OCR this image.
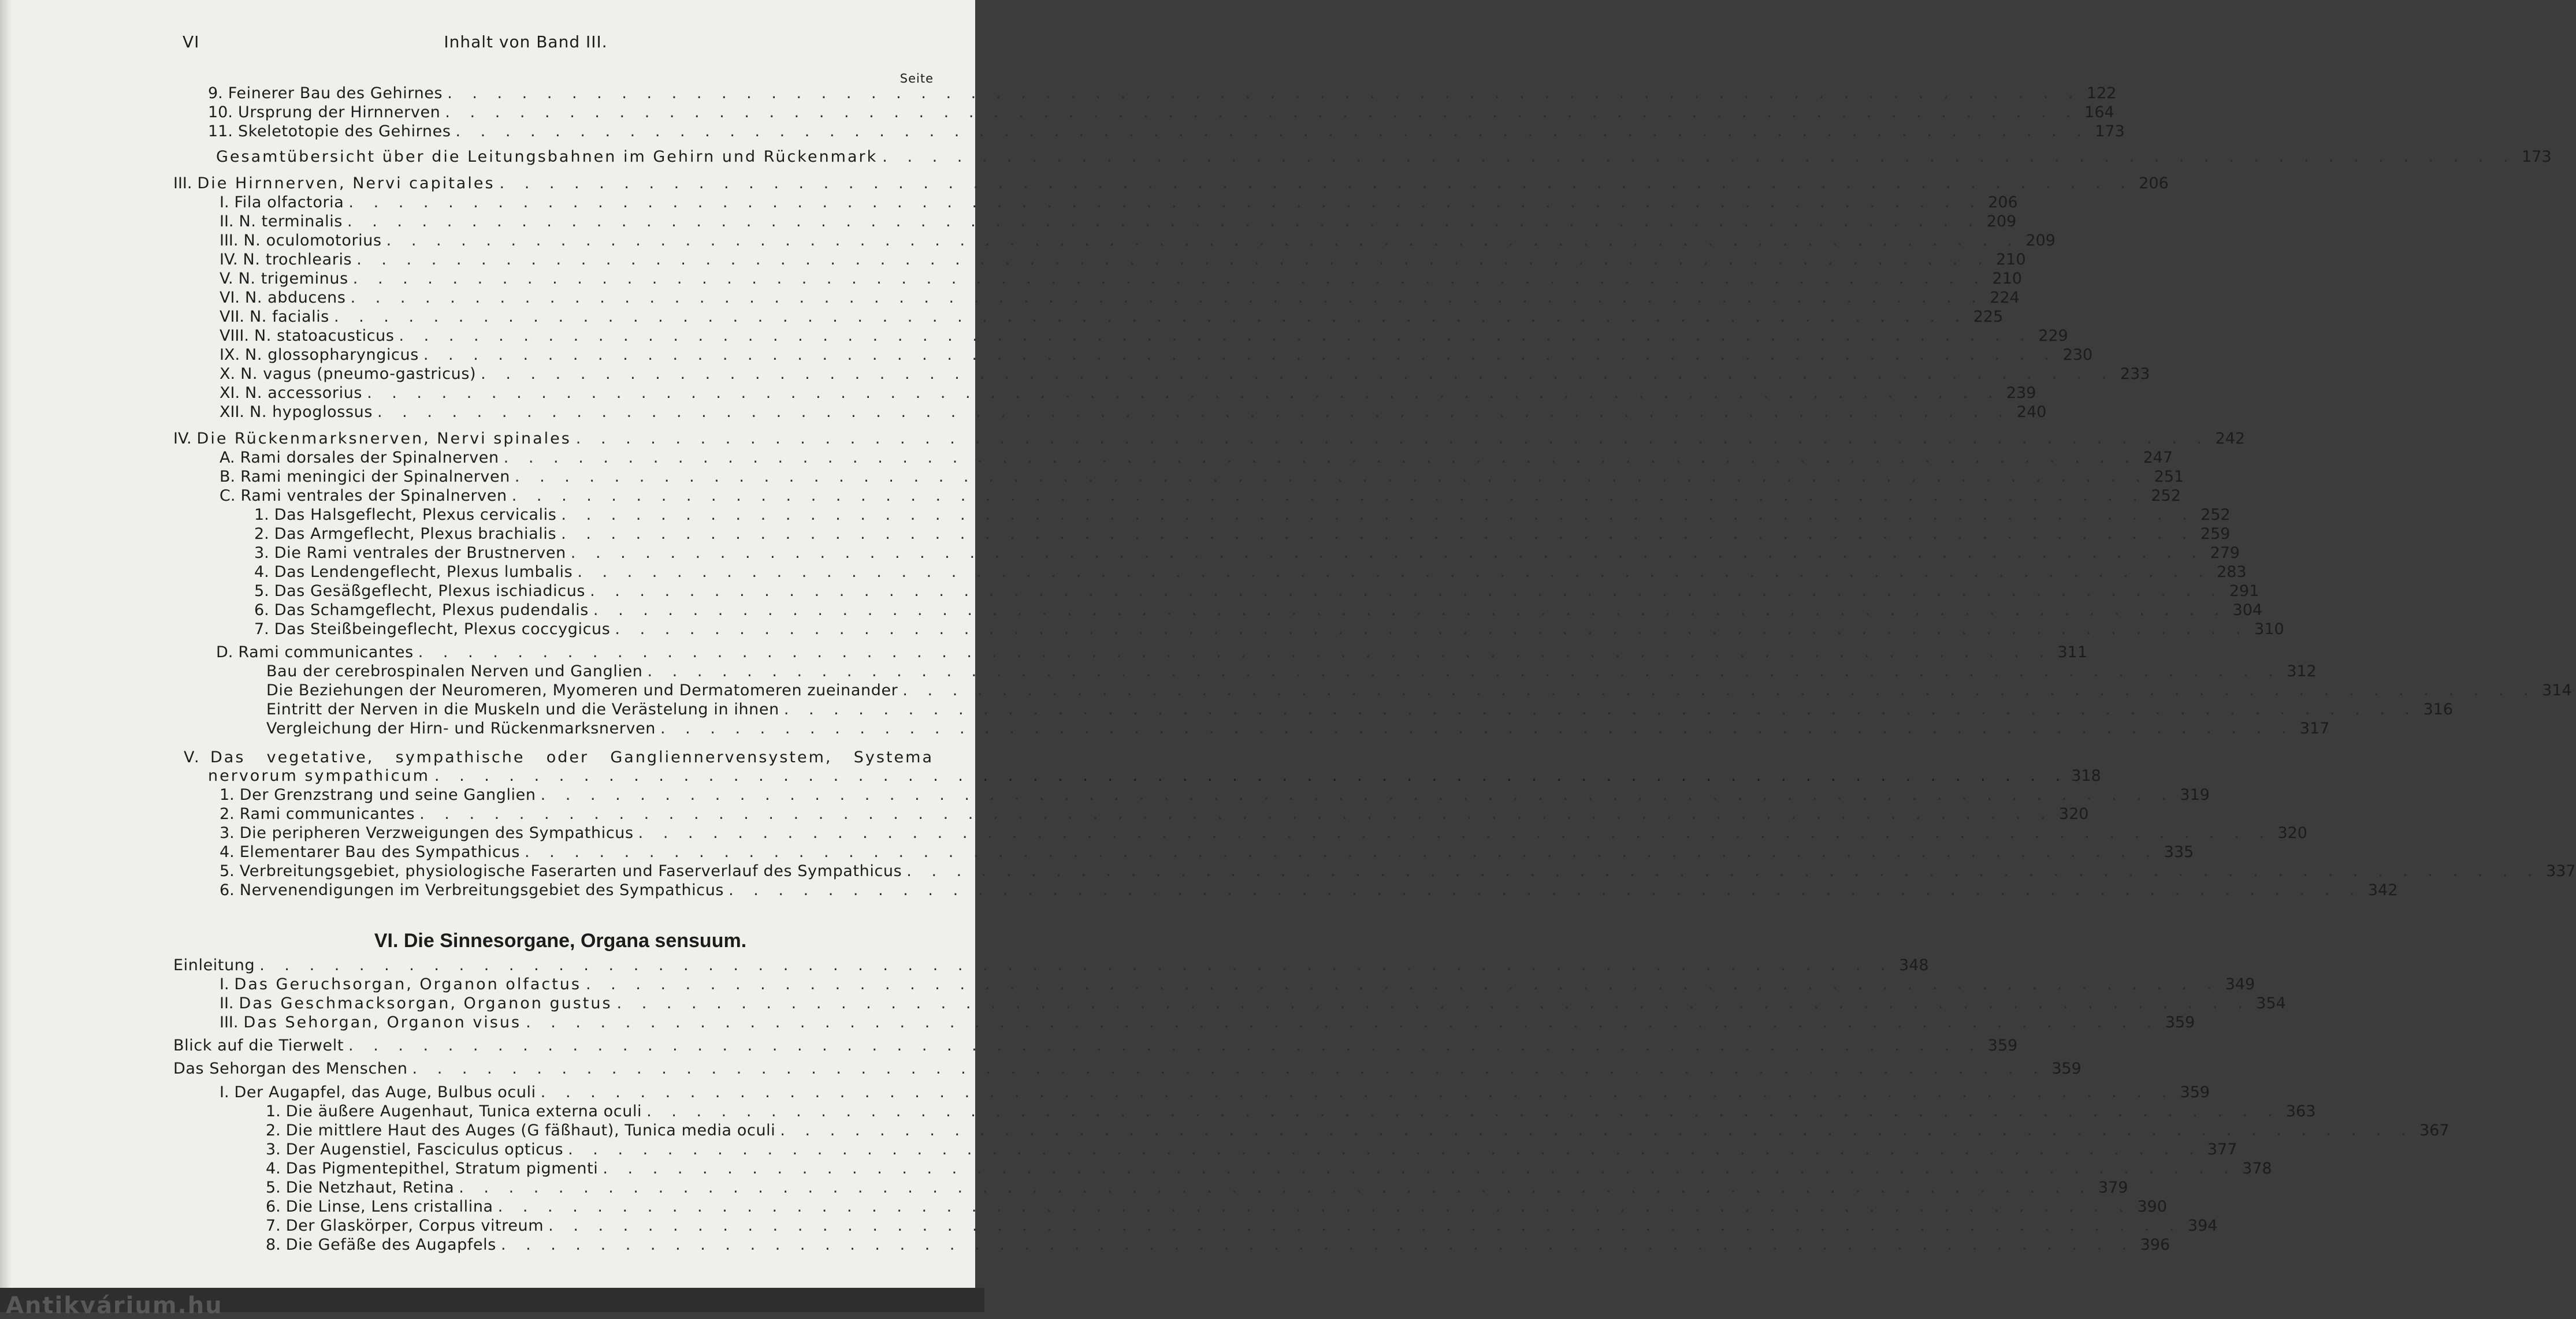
VI	Inhalt von Band III.
Seite
9. Feinerer Bau des Gehirnes . . . . . . . . . . . . . . . . . . . . . . . . . . . . . . . . . . . . . . . . . . . . . . . . . . . . . . . . . . . . . . . . . . 122
10. Ursprung der Hirnnerven . . . . . . . . . . . . . . . . . . . . . . . . . . . . . . . . . . . . . . . . . . . . . . . . . . . . . . . . . . . . . . . . . . 164
11. Skeletotopie des Gehirnes . . . . . . . . . . . . . . . . . . . . . . . . . . . . . . . . . . . . . . . . . . . . . . . . . . . . . . . . . . . . . . . . . . 173
Gesamtübersicht über die Leitungsbahnen im Gehirn und Rückenmark . . . . . . . . . . . . . . . . . . . . . . . . . . . . . . . . . . . . . . . . . . . . . . . . . . . . . . . . . . . . . . . . . . 173
III. Die Hirnnerven, Nervi capitales . . . . . . . . . . . . . . . . . . . . . . . . . . . . . . . . . . . . . . . . . . . . . . . . . . . . . . . . . . . . . . . . . . 206
I. Fila olfactoria . . . . . . . . . . . . . . . . . . . . . . . . . . . . . . . . . . . . . . . . . . . . . . . . . . . . . . . . . . . . . . . . . . 206
II. N. terminalis . . . . . . . . . . . . . . . . . . . . . . . . . . . . . . . . . . . . . . . . . . . . . . . . . . . . . . . . . . . . . . . . . . 209
III. N. oculomotorius . . . . . . . . . . . . . . . . . . . . . . . . . . . . . . . . . . . . . . . . . . . . . . . . . . . . . . . . . . . . . . . . . . 209
IV. N. trochlearis . . . . . . . . . . . . . . . . . . . . . . . . . . . . . . . . . . . . . . . . . . . . . . . . . . . . . . . . . . . . . . . . . . 210
V. N. trigeminus . . . . . . . . . . . . . . . . . . . . . . . . . . . . . . . . . . . . . . . . . . . . . . . . . . . . . . . . . . . . . . . . . . 210
VI. N. abducens . . . . . . . . . . . . . . . . . . . . . . . . . . . . . . . . . . . . . . . . . . . . . . . . . . . . . . . . . . . . . . . . . . 224
VII. N. facialis . . . . . . . . . . . . . . . . . . . . . . . . . . . . . . . . . . . . . . . . . . . . . . . . . . . . . . . . . . . . . . . . . . 225
VIII. N. statoacusticus . . . . . . . . . . . . . . . . . . . . . . . . . . . . . . . . . . . . . . . . . . . . . . . . . . . . . . . . . . . . . . . . . . 229
IX. N. glossopharyngicus . . . . . . . . . . . . . . . . . . . . . . . . . . . . . . . . . . . . . . . . . . . . . . . . . . . . . . . . . . . . . . . . . . 230
X. N. vagus (pneumo-gastricus) . . . . . . . . . . . . . . . . . . . . . . . . . . . . . . . . . . . . . . . . . . . . . . . . . . . . . . . . . . . . . . . . . . 233
XI. N. accessorius . . . . . . . . . . . . . . . . . . . . . . . . . . . . . . . . . . . . . . . . . . . . . . . . . . . . . . . . . . . . . . . . . . 239
XII. N. hypoglossus . . . . . . . . . . . . . . . . . . . . . . . . . . . . . . . . . . . . . . . . . . . . . . . . . . . . . . . . . . . . . . . . . . 240
IV. Die Rückenmarksnerven, Nervi spinales . . . . . . . . . . . . . . . . . . . . . . . . . . . . . . . . . . . . . . . . . . . . . . . . . . . . . . . . . . . . . . . . . . 242
A. Rami dorsales der Spinalnerven . . . . . . . . . . . . . . . . . . . . . . . . . . . . . . . . . . . . . . . . . . . . . . . . . . . . . . . . . . . . . . . . . . 247
B. Rami meningici der Spinalnerven . . . . . . . . . . . . . . . . . . . . . . . . . . . . . . . . . . . . . . . . . . . . . . . . . . . . . . . . . . . . . . . . . . 251
C. Rami ventrales der Spinalnerven . . . . . . . . . . . . . . . . . . . . . . . . . . . . . . . . . . . . . . . . . . . . . . . . . . . . . . . . . . . . . . . . . . 252
1. Das Halsgeflecht, Plexus cervicalis . . . . . . . . . . . . . . . . . . . . . . . . . . . . . . . . . . . . . . . . . . . . . . . . . . . . . . . . . . . . . . . . . . 252
2. Das Armgeflecht, Plexus brachialis . . . . . . . . . . . . . . . . . . . . . . . . . . . . . . . . . . . . . . . . . . . . . . . . . . . . . . . . . . . . . . . . . . 259
3. Die Rami ventrales der Brustnerven . . . . . . . . . . . . . . . . . . . . . . . . . . . . . . . . . . . . . . . . . . . . . . . . . . . . . . . . . . . . . . . . . . 279
4. Das Lendengeflecht, Plexus lumbalis . . . . . . . . . . . . . . . . . . . . . . . . . . . . . . . . . . . . . . . . . . . . . . . . . . . . . . . . . . . . . . . . . . 283
5. Das Gesäßgeflecht, Plexus ischiadicus . . . . . . . . . . . . . . . . . . . . . . . . . . . . . . . . . . . . . . . . . . . . . . . . . . . . . . . . . . . . . . . . . . 291
6. Das Schamgeflecht, Plexus pudendalis . . . . . . . . . . . . . . . . . . . . . . . . . . . . . . . . . . . . . . . . . . . . . . . . . . . . . . . . . . . . . . . . . . 304
7. Das Steißbeingeflecht, Plexus coccygicus . . . . . . . . . . . . . . . . . . . . . . . . . . . . . . . . . . . . . . . . . . . . . . . . . . . . . . . . . . . . . . . . . . 310
D. Rami communicantes . . . . . . . . . . . . . . . . . . . . . . . . . . . . . . . . . . . . . . . . . . . . . . . . . . . . . . . . . . . . . . . . . . 311
Bau der cerebrospinalen Nerven und Ganglien . . . . . . . . . . . . . . . . . . . . . . . . . . . . . . . . . . . . . . . . . . . . . . . . . . . . . . . . . . . . . . . . . . 312
Die Beziehungen der Neuromeren, Myomeren und Dermatomeren zueinander . . . . . . . . . . . . . . . . . . . . . . . . . . . . . . . . . . . . . . . . . . . . . . . . . . . . . . . . . . . . . . . . . . 314
Eintritt der Nerven in die Muskeln und die Verästelung in ihnen . . . . . . . . . . . . . . . . . . . . . . . . . . . . . . . . . . . . . . . . . . . . . . . . . . . . . . . . . . . . . . . . . . 316
Vergleichung der Hirn- und Rückenmarksnerven . . . . . . . . . . . . . . . . . . . . . . . . . . . . . . . . . . . . . . . . . . . . . . . . . . . . . . . . . . . . . . . . . . 317
V. Das vegetative, sympathische oder Gangliennervensystem, Systema
nervorum sympathicum . . . . . . . . . . . . . . . . . . . . . . . . . . . . . . . . . . . . . . . . . . . . . . . . . . . . . . . . . . . . . . . . . . 318
1. Der Grenzstrang und seine Ganglien . . . . . . . . . . . . . . . . . . . . . . . . . . . . . . . . . . . . . . . . . . . . . . . . . . . . . . . . . . . . . . . . . . 319
2. Rami communicantes . . . . . . . . . . . . . . . . . . . . . . . . . . . . . . . . . . . . . . . . . . . . . . . . . . . . . . . . . . . . . . . . . . 320
3. Die peripheren Verzweigungen des Sympathicus . . . . . . . . . . . . . . . . . . . . . . . . . . . . . . . . . . . . . . . . . . . . . . . . . . . . . . . . . . . . . . . . . . 320
4. Elementarer Bau des Sympathicus . . . . . . . . . . . . . . . . . . . . . . . . . . . . . . . . . . . . . . . . . . . . . . . . . . . . . . . . . . . . . . . . . . 335
5. Verbreitungsgebiet, physiologische Faserarten und Faserverlauf des Sympathicus . . . . . . . . . . . . . . . . . . . . . . . . . . . . . . . . . . . . . . . . . . . . . . . . . . . . . . . . . . . . . . . . . . 337
6. Nervenendigungen im Verbreitungsgebiet des Sympathicus . . . . . . . . . . . . . . . . . . . . . . . . . . . . . . . . . . . . . . . . . . . . . . . . . . . . . . . . . . . . . . . . . . 342
VI. Die Sinnesorgane, Organa sensuum.
Einleitung . . . . . . . . . . . . . . . . . . . . . . . . . . . . . . . . . . . . . . . . . . . . . . . . . . . . . . . . . . . . . . . . . . 348
I. Das Geruchsorgan, Organon olfactus . . . . . . . . . . . . . . . . . . . . . . . . . . . . . . . . . . . . . . . . . . . . . . . . . . . . . . . . . . . . . . . . . . 349
II. Das Geschmacksorgan, Organon gustus . . . . . . . . . . . . . . . . . . . . . . . . . . . . . . . . . . . . . . . . . . . . . . . . . . . . . . . . . . . . . . . . . . 354
III. Das Sehorgan, Organon visus . . . . . . . . . . . . . . . . . . . . . . . . . . . . . . . . . . . . . . . . . . . . . . . . . . . . . . . . . . . . . . . . . . 359
Blick auf die Tierwelt . . . . . . . . . . . . . . . . . . . . . . . . . . . . . . . . . . . . . . . . . . . . . . . . . . . . . . . . . . . . . . . . . . 359
Das Sehorgan des Menschen . . . . . . . . . . . . . . . . . . . . . . . . . . . . . . . . . . . . . . . . . . . . . . . . . . . . . . . . . . . . . . . . . . 359
I. Der Augapfel, das Auge, Bulbus oculi . . . . . . . . . . . . . . . . . . . . . . . . . . . . . . . . . . . . . . . . . . . . . . . . . . . . . . . . . . . . . . . . . . 359
1. Die äußere Augenhaut, Tunica externa oculi . . . . . . . . . . . . . . . . . . . . . . . . . . . . . . . . . . . . . . . . . . . . . . . . . . . . . . . . . . . . . . . . . . 363
2. Die mittlere Haut des Auges (G fäßhaut), Tunica media oculi . . . . . . . . . . . . . . . . . . . . . . . . . . . . . . . . . . . . . . . . . . . . . . . . . . . . . . . . . . . . . . . . . . 367
3. Der Augenstiel, Fasciculus opticus . . . . . . . . . . . . . . . . . . . . . . . . . . . . . . . . . . . . . . . . . . . . . . . . . . . . . . . . . . . . . . . . . . 377
4. Das Pigmentepithel, Stratum pigmenti . . . . . . . . . . . . . . . . . . . . . . . . . . . . . . . . . . . . . . . . . . . . . . . . . . . . . . . . . . . . . . . . . . 378
5. Die Netzhaut, Retina . . . . . . . . . . . . . . . . . . . . . . . . . . . . . . . . . . . . . . . . . . . . . . . . . . . . . . . . . . . . . . . . . . 379
6. Die Linse, Lens cristallina . . . . . . . . . . . . . . . . . . . . . . . . . . . . . . . . . . . . . . . . . . . . . . . . . . . . . . . . . . . . . . . . . . 390
7. Der Glaskörper, Corpus vitreum . . . . . . . . . . . . . . . . . . . . . . . . . . . . . . . . . . . . . . . . . . . . . . . . . . . . . . . . . . . . . . . . . . 394
8. Die Gefäße des Augapfels . . . . . . . . . . . . . . . . . . . . . . . . . . . . . . . . . . . . . . . . . . . . . . . . . . . . . . . . . . . . . . . . . . 396
Antikvárium.hu
